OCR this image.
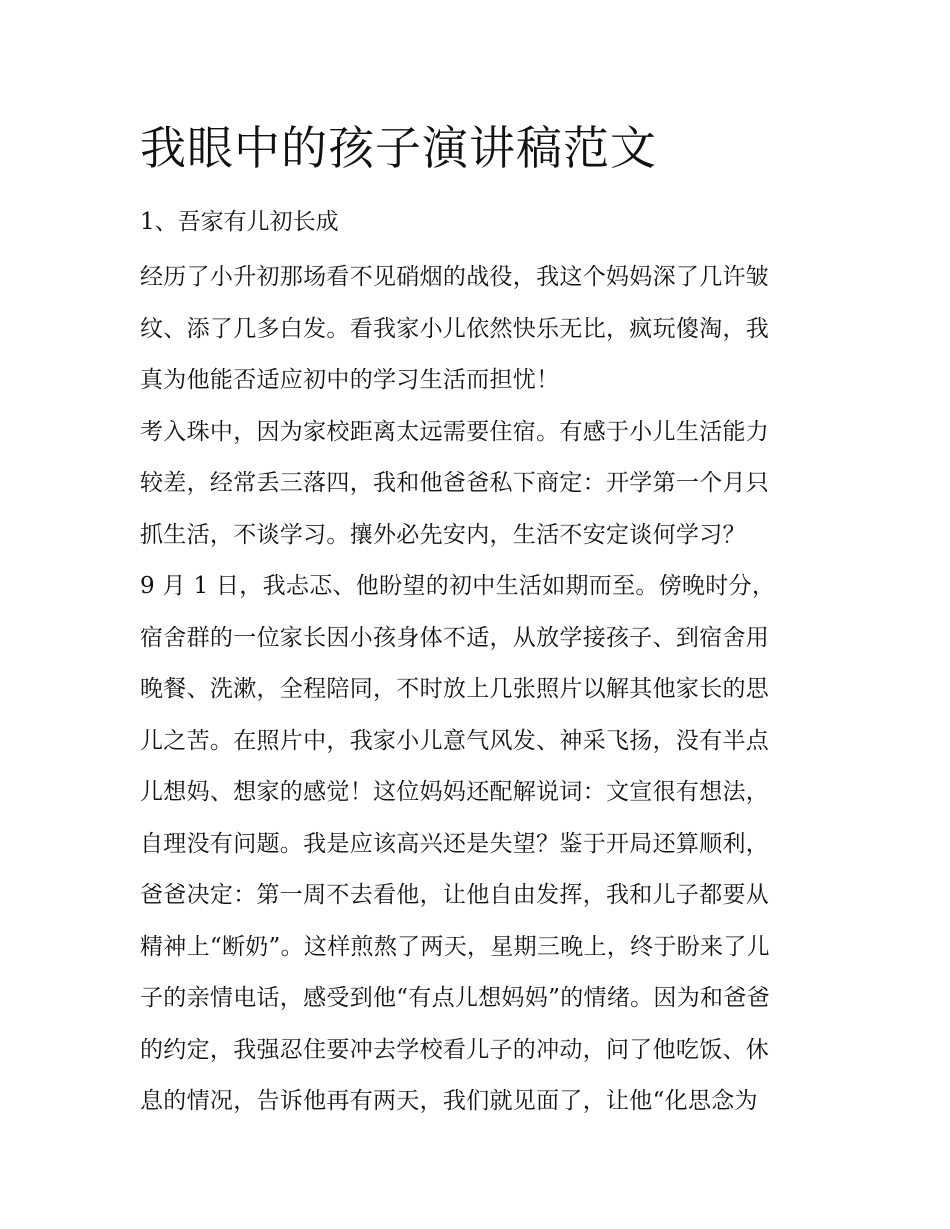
我眼中的孩子演讲稿范文
1、吾家有儿初长成
经历了小升初那场看不见硝烟的战役，我这个妈妈深了几许皱
纹、添了几多白发。看我家小儿依然快乐无比，疯玩傻淘，我
真为他能否适应初中的学习生活而担忧！
考入珠中，因为家校距离太远需要住宿。有感于小儿生活能力
较差，经常丢三落四，我和他爸爸私下商定：开学第一个月只
抓生活，不谈学习。攘外必先安内，生活不安定谈何学习？
9 月 1 日，我忐忑、他盼望的初中生活如期而至。傍晚时分，
宿舍群的一位家长因小孩身体不适，从放学接孩子、到宿舍用
晚餐、洗漱，全程陪同，不时放上几张照片以解其他家长的思
儿之苦。在照片中，我家小儿意气风发、神采飞扬，没有半点
儿想妈、想家的感觉！这位妈妈还配解说词：文宣很有想法，
自理没有问题。我是应该高兴还是失望？鉴于开局还算顺利，
爸爸决定：第一周不去看他，让他自由发挥，我和儿子都要从
精神上“断奶”。这样煎熬了两天，星期三晚上，终于盼来了儿
子的亲情电话，感受到他“有点儿想妈妈”的情绪。因为和爸爸
的约定，我强忍住要冲去学校看儿子的冲动，问了他吃饭、休
息的情况，告诉他再有两天，我们就见面了，让他“化思念为
